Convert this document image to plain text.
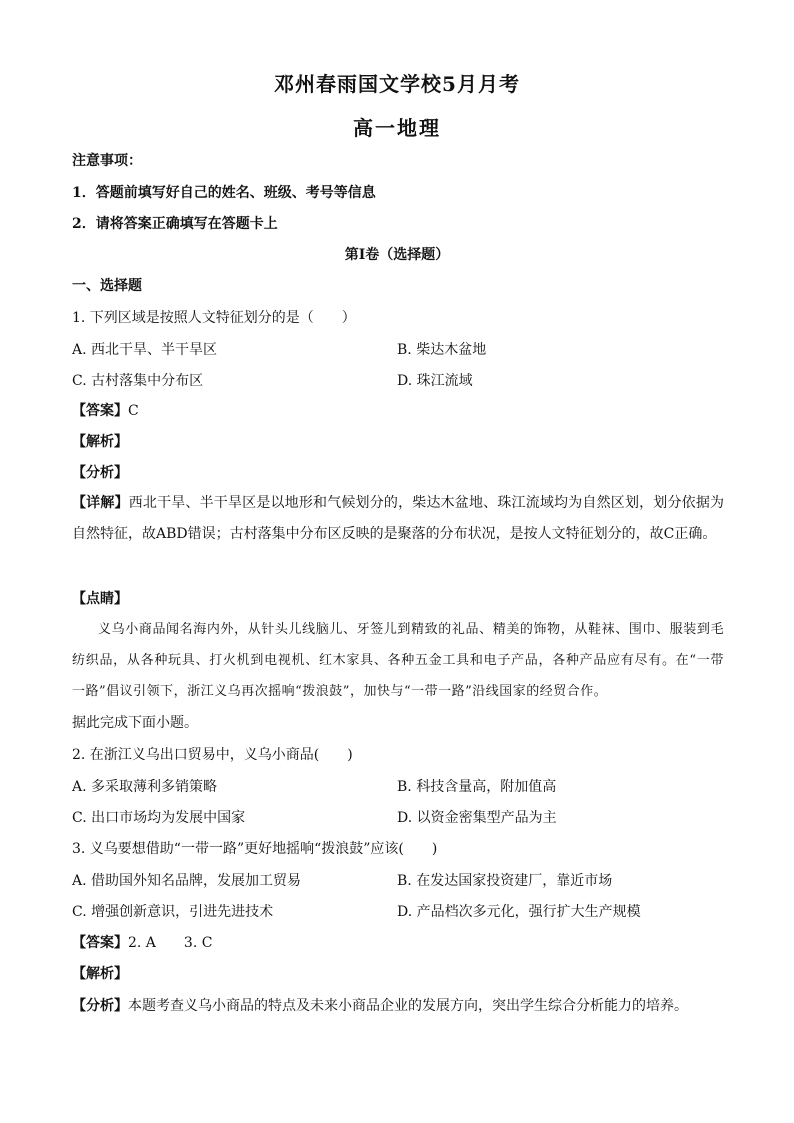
邓州春雨国文学校5月月考
高一地理
注意事项：
1．答题前填写好自己的姓名、班级、考号等信息
2．请将答案正确填写在答题卡上
第I卷（选择题）
一、选择题
1. 下列区域是按照人文特征划分的是（　　）
A. 西北干旱、半干旱区	B. 柴达木盆地
C. 古村落集中分布区	D. 珠江流域
【答案】C
【解析】
【分析】
【详解】西北干旱、半干旱区是以地形和气候划分的，柴达木盆地、珠江流域均为自然区划，划分依据为自然特征，故ABD错误；古村落集中分布区反映的是聚落的分布状况，是按人文特征划分的，故C正确。
【点睛】
义乌小商品闻名海内外，从针头儿线脑儿、牙签儿到精致的礼品、精美的饰物，从鞋袜、围巾、服装到毛纺织品，从各种玩具、打火机到电视机、红木家具、各种五金工具和电子产品，各种产品应有尽有。在“一带一路”倡议引领下，浙江义乌再次摇响“拨浪鼓”，加快与“一带一路”沿线国家的经贸合作。
据此完成下面小题。
2. 在浙江义乌出口贸易中，义乌小商品(　　)
A. 多采取薄利多销策略	B. 科技含量高，附加值高
C. 出口市场均为发展中国家	D. 以资金密集型产品为主
3. 义乌要想借助“一带一路”更好地摇响“拨浪鼓”应该(　　)
A. 借助国外知名品牌，发展加工贸易	B. 在发达国家投资建厂，靠近市场
C. 增强创新意识，引进先进技术	D. 产品档次多元化，强行扩大生产规模
【答案】2. A　　3. C
【解析】
【分析】本题考查义乌小商品的特点及未来小商品企业的发展方向，突出学生综合分析能力的培养。
